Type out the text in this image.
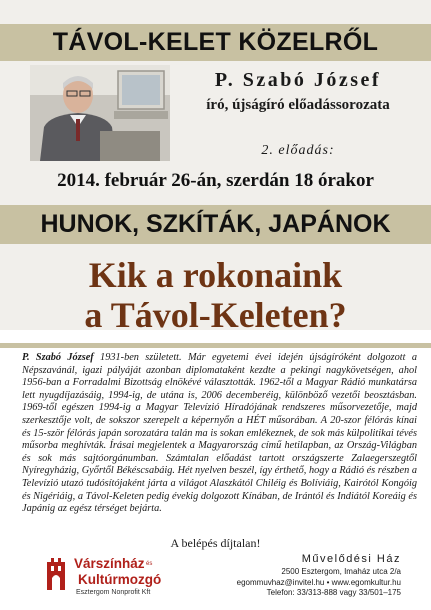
TÁVOL-KELET KÖZELRŐL
P. Szabó József
író, újságíró előadássorozata
2. előadás:
2014. február 26-án, szerdán 18 órakor
HUNOK, SZKÍTÁK, JAPÁNOK
Kik a rokonaink
a Távol-Keleten?

P. Szabó József 1931-ben született. Már egyetemi évei idején újságíróként dolgozott a Népszavánál, igazi pályáját azonban diplomataként kezdte a pekingi nagykövetségen, ahol 1956-ban a Forradalmi Bizottság elnökévé választották. 1962-től a Magyar Rádió munkatársa lett nyugdíjazásáig, 1994-ig, de utána is, 2006 decemberéig, különböző vezetői beosztásban. 1969-től egészen 1994-ig a Magyar Televízió Híradójának rendszeres műsorvezetője, majd szerkesztője volt, de sokszor szerepelt a képernyőn a HÉT műsorában. A 20-szor félórás kínai és 15-ször félórás japán sorozatára talán ma is sokan emlékeznek, de sok más külpolitikai tévés műsorba meghívták. Írásai megjelentek a Magyarország című hetilapban, az Ország-Világban és sok más sajtóorgánumban. Számtalan előadást tartott országszerte Zalaegerszegtől Nyíregyházig, Győrtől Békéscsabáig. Hét nyelven beszél, így érthető, hogy a Rádió és részben a Televízió utazó tudósítójaként járta a világot Alaszkától Chiléig és Bolíviáig, Kairótól Kongóig és Nigériáig, a Távol-Keleten pedig évekig dolgozott Kínában, de Irántól és Indiától Koreáig és Japánig az egész térséget bejárta.

A belépés díjtalan!
Várszínház és
Kultúrmozgó
Esztergom Nonprofit Kft
Művelődési Ház
2500 Esztergom, Imaház utca 2/a
egommuvhaz@invitel.hu • www.egomkultur.hu
Telefon: 33/313-888 vagy 33/501–175
